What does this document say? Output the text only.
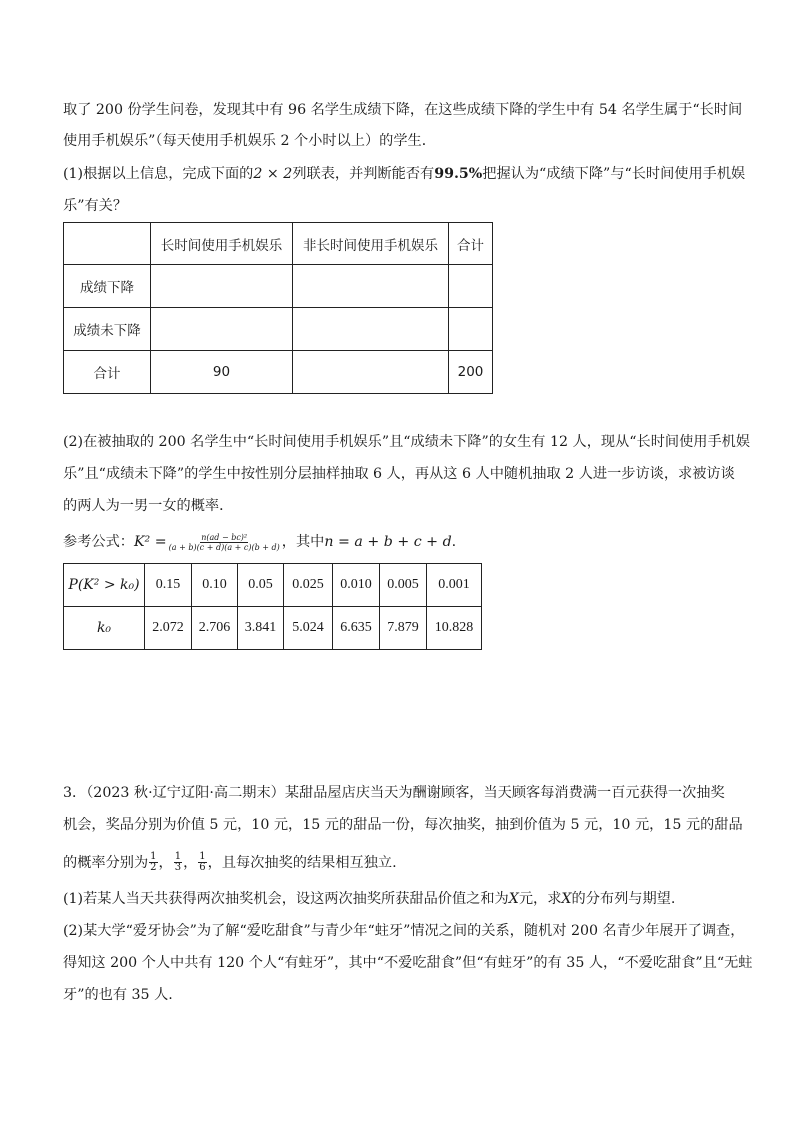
取了 200 份学生问卷，发现其中有 96 名学生成绩下降，在这些成绩下降的学生中有 54 名学生属于“长时间
使用手机娱乐”（每天使用手机娱乐 2 个小时以上）的学生．
(1)根据以上信息，完成下面的2 × 2列联表，并判断能否有99.5%把握认为“成绩下降”与“长时间使用手机娱
乐”有关？
	长时间使用手机娱乐	非长时间使用手机娱乐	合计
成绩下降			
成绩未下降			
合计	90		200
(2)在被抽取的 200 名学生中“长时间使用手机娱乐”且“成绩未下降”的女生有 12 人，现从“长时间使用手机娱
乐”且“成绩未下降”的学生中按性别分层抽样抽取 6 人，再从这 6 人中随机抽取 2 人进一步访谈，求被访谈
的两人为一男一女的概率．
参考公式： $K^2 = \frac{\text{n(ad − bc)²}}{(a + b)(c + d)(a + c)(b + d)}$ ，其中 n = a + b + c + d .
P(K² > k₀)	0.15	0.10	0.05	0.025	0.010	0.005	0.001
k₀	2.072	2.706	3.841	5.024	6.635	7.879	10.828
3．（2023 秋·辽宁辽阳·高二期末）某甜品屋店庆当天为酬谢顾客，当天顾客每消费满一百元获得一次抽奖
机会，奖品分别为价值 5 元，10 元，15 元的甜品一份，每次抽奖，抽到价值为 5 元，10 元，15 元的甜品
的概率分别为 $\frac{1}{2}$ ， $\frac{1}{3}$ ， $\frac{1}{6}$ ，且每次抽奖的结果相互独立.
(1)若某人当天共获得两次抽奖机会，设这两次抽奖所获甜品价值之和为X元，求X的分布列与期望.
(2)某大学“爱牙协会”为了解“爱吃甜食”与青少年“蛀牙”情况之间的关系，随机对 200 名青少年展开了调查，
得知这 200 个人中共有 120 个人“有蛀牙”，其中“不爱吃甜食”但“有蛀牙”的有 35 人，“不爱吃甜食”且“无蛀
牙”的也有 35 人.
